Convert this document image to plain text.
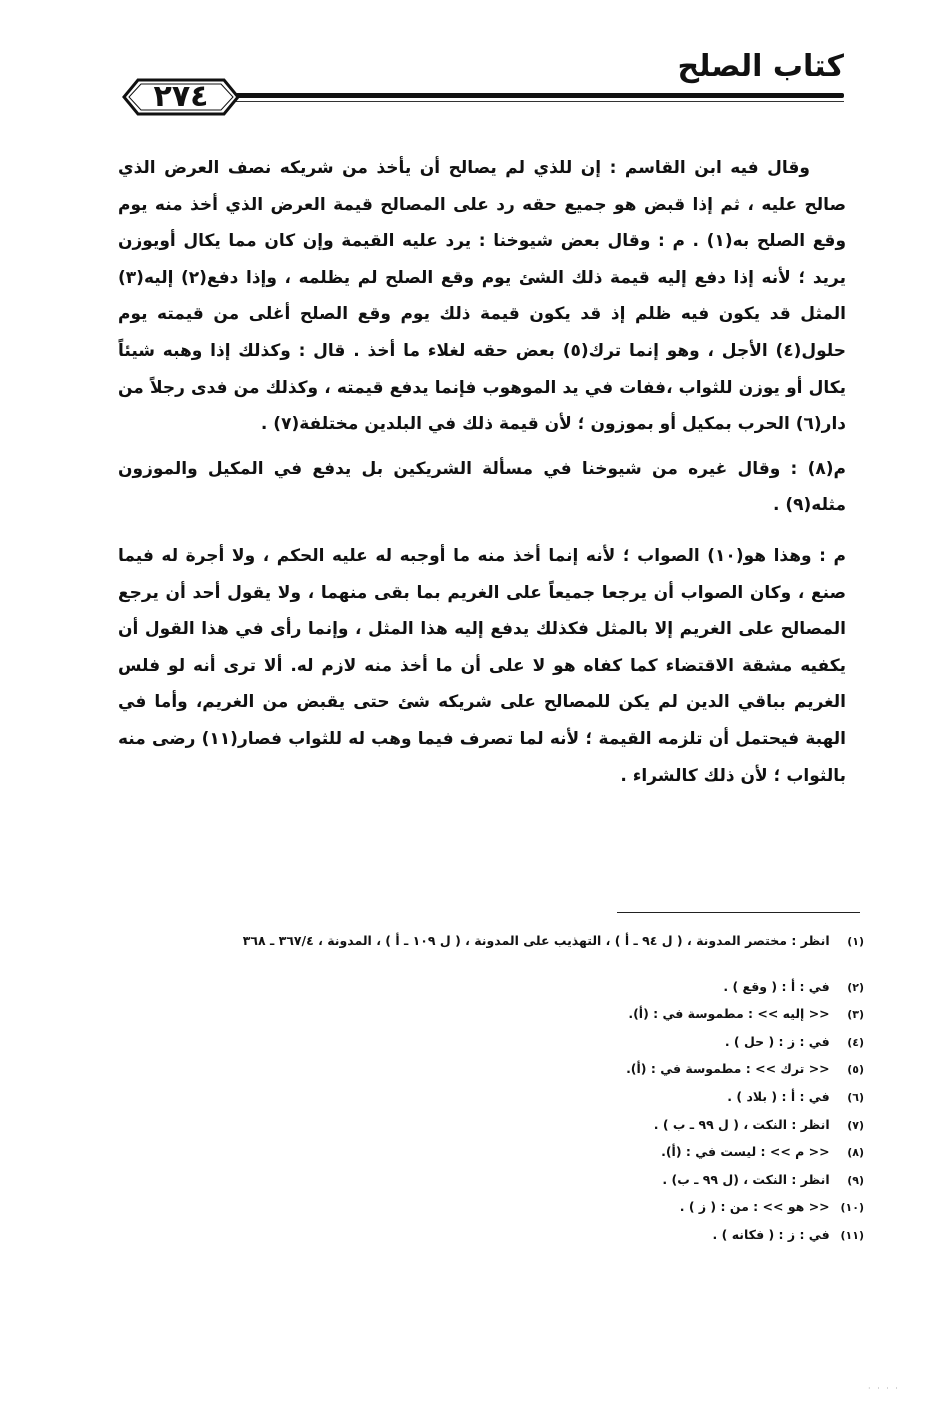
كتاب الصلح
٢٧٤

وقال فيه ابن القاسم : إن للذي لم يصالح أن يأخذ من شريكه نصف العرض الذي صالح عليه ، ثم إذا قبض هو جميع حقه رد على المصالح قيمة العرض الذي أخذ منه يوم وقع الصلح به(١) . م : وقال بعض شيوخنا : يرد عليه القيمة وإن كان مما يكال أويوزن يريد ؛ لأنه إذا دفع إليه قيمة ذلك الشئ يوم وقع الصلح لم يظلمه ، وإذا دفع(٢) إليه(٣) المثل قد يكون فيه ظلم إذ قد يكون قيمة ذلك يوم وقع الصلح أغلى من قيمته يوم حلول(٤) الأجل ، وهو إنما ترك(٥) بعض حقه لغلاء ما أخذ . قال : وكذلك إذا وهبه شيئاً يكال أو يوزن للثواب ،ففات في يد الموهوب فإنما يدفع قيمته ، وكذلك من فدى رجلاً من دار(٦) الحرب بمكيل أو بموزون ؛ لأن قيمة ذلك في البلدين مختلفة(٧) .

م(٨) : وقال غيره من شيوخنا في مسألة الشريكين بل يدفع في المكيل والموزون مثله(٩) .

م : وهذا هو(١٠) الصواب ؛ لأنه إنما أخذ منه ما أوجبه له عليه الحكم ، ولا أجرة له فيما صنع ، وكان الصواب أن يرجعا جميعاً على الغريم بما بقى منهما ، ولا يقول أحد أن يرجع المصالح على الغريم إلا بالمثل فكذلك يدفع إليه هذا المثل ، وإنما رأى في هذا القول أن يكفيه مشقة الاقتضاء كما كفاه هو لا على أن ما أخذ منه لازم له. ألا ترى أنه لو فلس الغريم بباقي الدين لم يكن للمصالح على شريكه شئ حتى يقبض من الغريم، وأما في الهبة فيحتمل أن تلزمه القيمة ؛ لأنه لما تصرف فيما وهب له للثواب فصار(١١) رضى منه بالثواب ؛ لأن ذلك كالشراء .

(١) انظر : مختصر المدونة ، ( ل ٩٤ ـ أ ) ، التهذيب على المدونة ، ( ل ١٠٩ ـ أ ) ، المدونة ، ٣٦٧/٤ ـ ٣٦٨
(٢) في : أ : ( وقع ) .
(٣) << إليه >> : مطموسة في : (أ).
(٤) في : ز : ( حل ) .
(٥) << ترك >> : مطموسة في : (أ).
(٦) في : أ : ( بلاد ) .
(٧) انظر : النكت ، ( ل ٩٩ ـ ب ) .
(٨) << م >> : ليست في : (أ).
(٩) انظر : النكت ، (ل ٩٩ ـ ب) .
(١٠) << هو >> : من : ( ز ) .
(١١) في : ز : ( فكانه ) .
· · · ·
